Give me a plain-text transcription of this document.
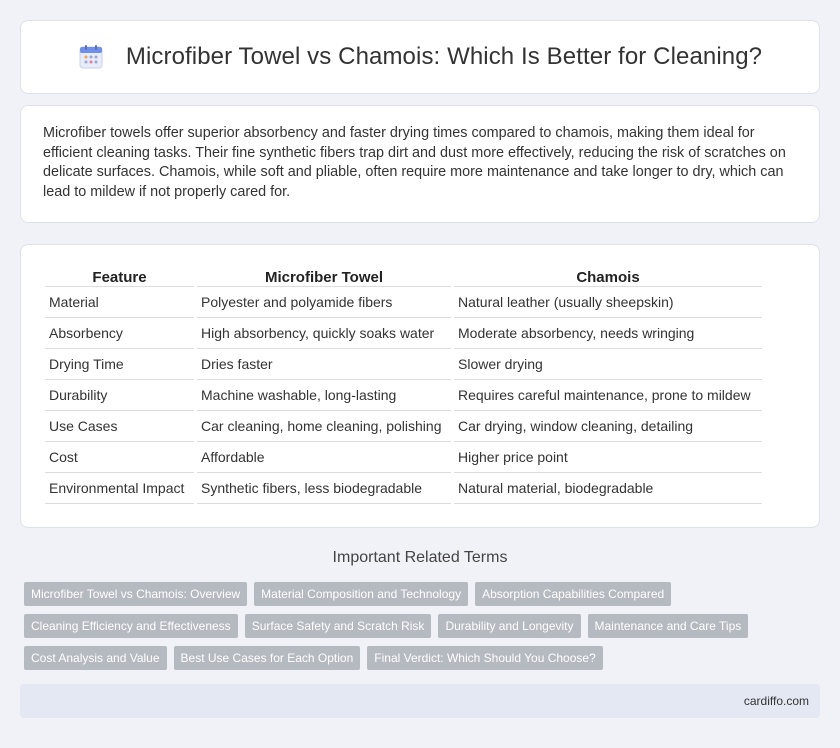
Microfiber Towel vs Chamois: Which Is Better for Cleaning?

Microfiber towels offer superior absorbency and faster drying times compared to chamois, making them ideal for efficient cleaning tasks. Their fine synthetic fibers trap dirt and dust more effectively, reducing the risk of scratches on delicate surfaces. Chamois, while soft and pliable, often require more maintenance and take longer to dry, which can lead to mildew if not properly cared for.

Feature	Microfiber Towel	Chamois
Material	Polyester and polyamide fibers	Natural leather (usually sheepskin)
Absorbency	High absorbency, quickly soaks water	Moderate absorbency, needs wringing
Drying Time	Dries faster	Slower drying
Durability	Machine washable, long-lasting	Requires careful maintenance, prone to mildew
Use Cases	Car cleaning, home cleaning, polishing	Car drying, window cleaning, detailing
Cost	Affordable	Higher price point
Environmental Impact	Synthetic fibers, less biodegradable	Natural material, biodegradable
Important Related Terms
Microfiber Towel vs Chamois: Overview	Material Composition and Technology	Absorption Capabilities Compared
Cleaning Efficiency and Effectiveness	Surface Safety and Scratch Risk	Durability and Longevity	Maintenance and Care Tips
Cost Analysis and Value	Best Use Cases for Each Option	Final Verdict: Which Should You Choose?
cardiffo.com
